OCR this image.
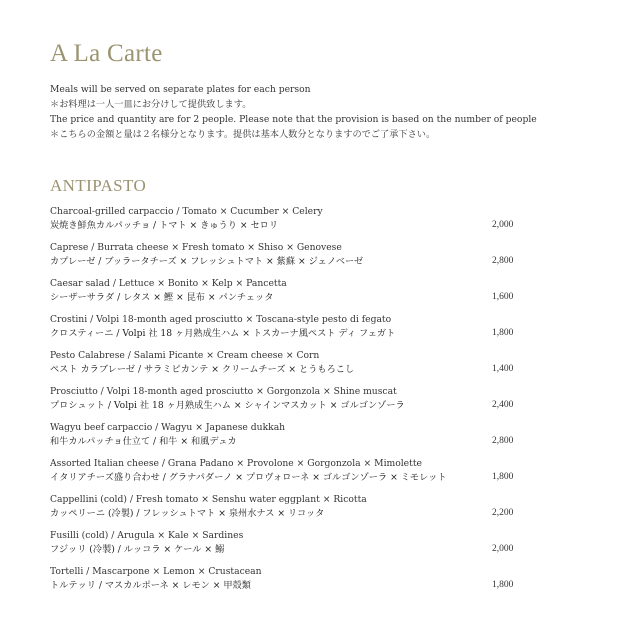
A La Carte
Meals will be served on separate plates for each person
＊お料理は一人一皿にお分けして提供致します。
The price and quantity are for 2 people. Please note that the provision is based on the number of people
＊こちらの金額と量は２名様分となります。提供は基本人数分となりますのでご了承下さい。
ANTIPASTO
Charcoal-grilled carpaccio / Tomato × Cucumber × Celery
炭焼き鮮魚カルパッチョ / トマト × きゅうり × セロリ	2,000
Caprese / Burrata cheese × Fresh tomato × Shiso × Genovese
カプレーゼ / ブッラータチーズ × フレッシュトマト × 紫蘇 × ジェノベーゼ	2,800
Caesar salad / Lettuce × Bonito × Kelp × Pancetta
シーザーサラダ / レタス × 鰹 × 昆布 × パンチェッタ	1,600
Crostini / Volpi 18-month aged prosciutto × Toscana-style pesto di fegato
クロスティーニ / Volpi 社 18 ヶ月熟成生ハム × トスカーナ風ペスト ディ フェガト	1,800
Pesto Calabrese / Salami Picante × Cream cheese × Corn
ペスト カラブレーゼ / サラミピカンテ × クリームチーズ × とうもろこし	1,400
Prosciutto / Volpi 18-month aged prosciutto × Gorgonzola × Shine muscat
プロシュット / Volpi 社 18 ヶ月熟成生ハム × シャインマスカット × ゴルゴンゾーラ	2,400
Wagyu beef carpaccio / Wagyu × Japanese dukkah
和牛カルパッチョ仕立て / 和牛 × 和風デュカ	2,800
Assorted Italian cheese / Grana Padano × Provolone × Gorgonzola × Mimolette
イタリアチーズ盛り合わせ / グラナパダーノ × プロヴォローネ × ゴルゴンゾーラ × ミモレット	1,800
Cappellini (cold) / Fresh tomato × Senshu water eggplant × Ricotta
カッペリーニ (冷製) / フレッシュトマト × 泉州水ナス × リコッタ	2,200
Fusilli (cold) / Arugula × Kale × Sardines
フジッリ (冷製) / ルッコラ × ケール × 鰯	2,000
Tortelli / Mascarpone × Lemon × Crustacean
トルテッリ / マスカルポーネ × レモン × 甲殻類	1,800
